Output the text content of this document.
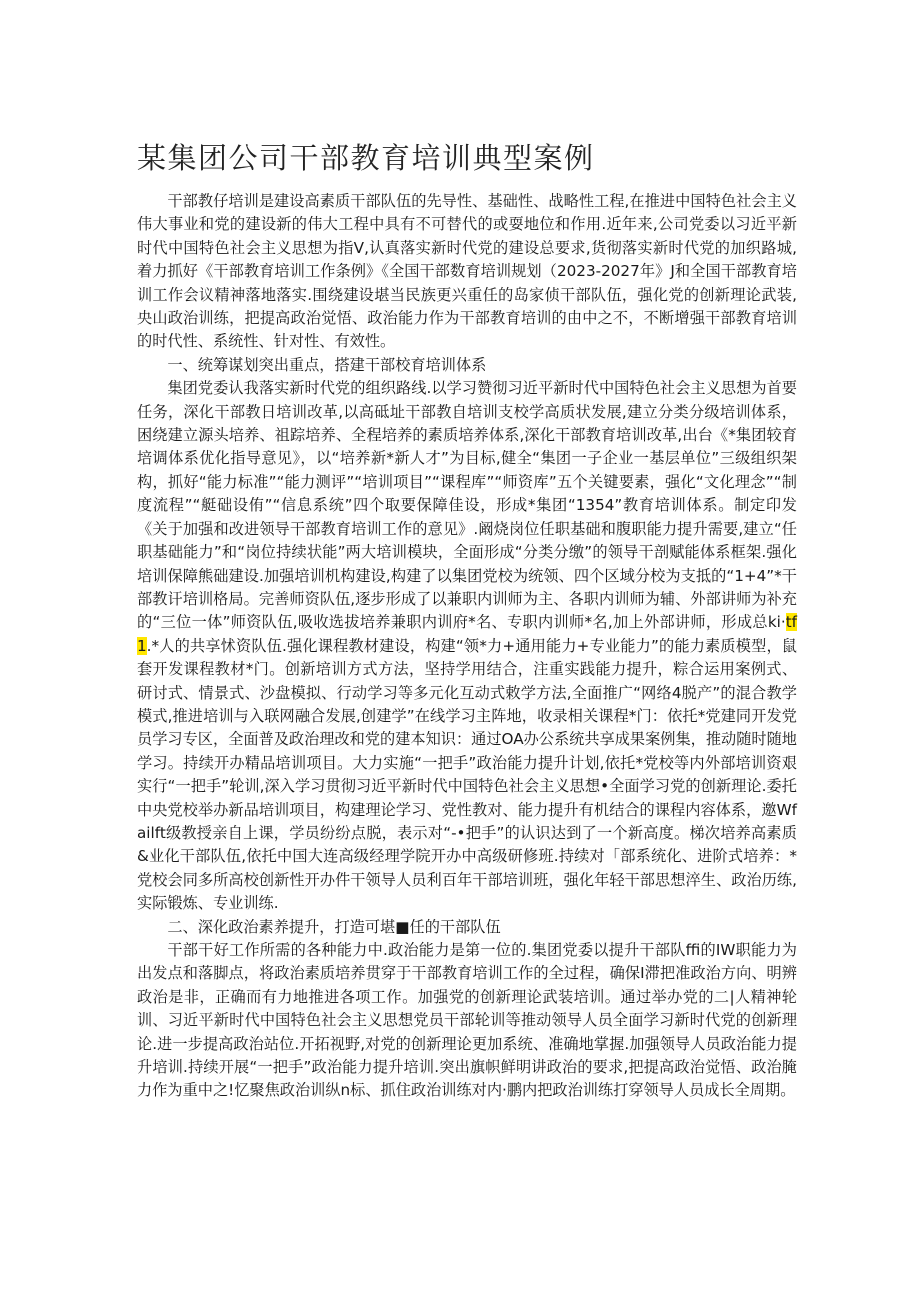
某集团公司干部教育培训典型案例

干部教仔培训是建设高素质干部队伍的先导性、基础性、战略性工程,在推进中国特色社会主义伟大事业和党的建设新的伟大工程中具有不可替代的或耍地位和作用.近年来,公司党委以习近平新时代中国特色社会主义思想为指V,认真落实新时代党的建设总要求,货彻落实新时代党的加织路城,着力抓好《干部教育培训工作条例》《全国干部数育培训规划（2023-2027年》J和全国干部教育培训工作会议精神落地落实.围绕建设堪当民族更兴重任的岛家侦干部队伍，强化党的创新理论武装,央山政治训练，把提高政治觉悟、政治能力作为干部教育培训的由中之不，不断增强干部教育培训的时代性、系统性、针对性、有效性。

一、统筹谋划突出重点，搭建干部校育培训体系

集团党委认我落实新时代党的组织路线.以学习赞彻习近平新时代中国特色社会主义思想为首要任务，深化干部教日培训改革,以高砥址干部教自培训支校学高质状发展,建立分类分级培训体系，困绕建立源头培养、祖踪培养、全程培养的素质培养体系,深化干部教育培训改革,出台《*集团较育培调体系优化指导意见》，以“培养新*新人才”为目标,健全“集团一子企业一基层单位”三级组织架构，抓好“能力标准”“能力测评”“培训项目”“课程库”“师资库”五个关键要素，强化“文化理念”“制度流程”“艇础设侑”“信息系统”四个取要保障佳设，形成*集团“1354”教育培训体系。制定印发《关于加强和改进领导干部教育培训工作的意见》.阚烧岗位任职基础和腹职能力提升需要,建立“任职基础能力”和“岗位持续状能”两大培训模块，全面形成“分类分缴”的领导干剖赋能体系框架.强化培训保障熊础建设.加强培训机构建设,构建了以集团党校为统领、四个区域分校为支抵的“1+4”*干部教讦培训格局。完善师资队伍,逐步形成了以兼职内训师为主、各职内训师为辅、外部讲师为补充的“三位一体”师资队伍,吸收选拔培养兼职内训府*名、专职内训师*名,加上外部讲师，形成总ki·tf1.*人的共享怵资队伍.强化课程教材建设，构建“领*力+通用能力+专业能力”的能力素质模型，鼠套开发课程教材*门。创新培训方式方法，坚持学用结合，注重实践能力提升，粽合运用案例式、研讨式、情景式、沙盘模拟、行动学习等多元化互动式敕学方法,全面推广“网络4脱产”的混合教学模式,推进培训与入联网融合发展,创建学”在线学习主阵地，收录相关课程*门：依托*党建同开发党员学习专区，全面普及政治理改和党的建本知识：通过OA办公系统共享成果案例集，推动随时随地学习。持续开办精品培训项目。大力实施“一把手”政治能力提升计划,依托*党校等内外部培训资艰实行“一把手”轮训,深入学习贯彻习近平新时代中国特色社会主义思想•全面学习党的创新理论.委托中央党校举办新品培训项目，构建理论学习、党性教对、能力提升有机结合的课程内容体系，邀Wfailft级教授亲自上课，学员纷纷点脱，表示对“-•把手”的认识达到了一个新高度。梯次培养高素质&业化干部队伍,依托中国大连高级经理学院开办中高级研修班.持续对「部系统化、进阶式培养：*党校会同多所高校创新性开办件干领导人员利百年干部培训班，强化年轻干部思想淬生、政治历练,实际锻炼、专业训练.

二、深化政治素养提升，打造可堪■任的干部队伍

干部干好工作所需的各种能力中.政治能力是第一位的.集团党委以提升干部队ffi的IW职能力为出发点和落脚点，将政治素质培养贯穿于干部教育培训工作的全过程，确保I滞把准政治方向、明辨政治是非，正确而有力地推进各项工作。加强党的创新理论武装培训。通过举办党的二|人精神轮训、习近平新时代中国特色社会主义思想党员干部轮训等推动领导人员全面学习新时代党的创新理论.进一步提高政治站位.开拓视野,对党的创新理论更加系统、准确地掌握.加强领导人员政治能力提升培训.持续开展“一把手”政治能力提升培训.突出旗帜鲜明讲政治的要求,把提高政治觉悟、政治腌力作为重中之!忆聚焦政治训纵n标、抓住政治训练对内·鹏内把政治训练打穿领导人员成长全周期。
